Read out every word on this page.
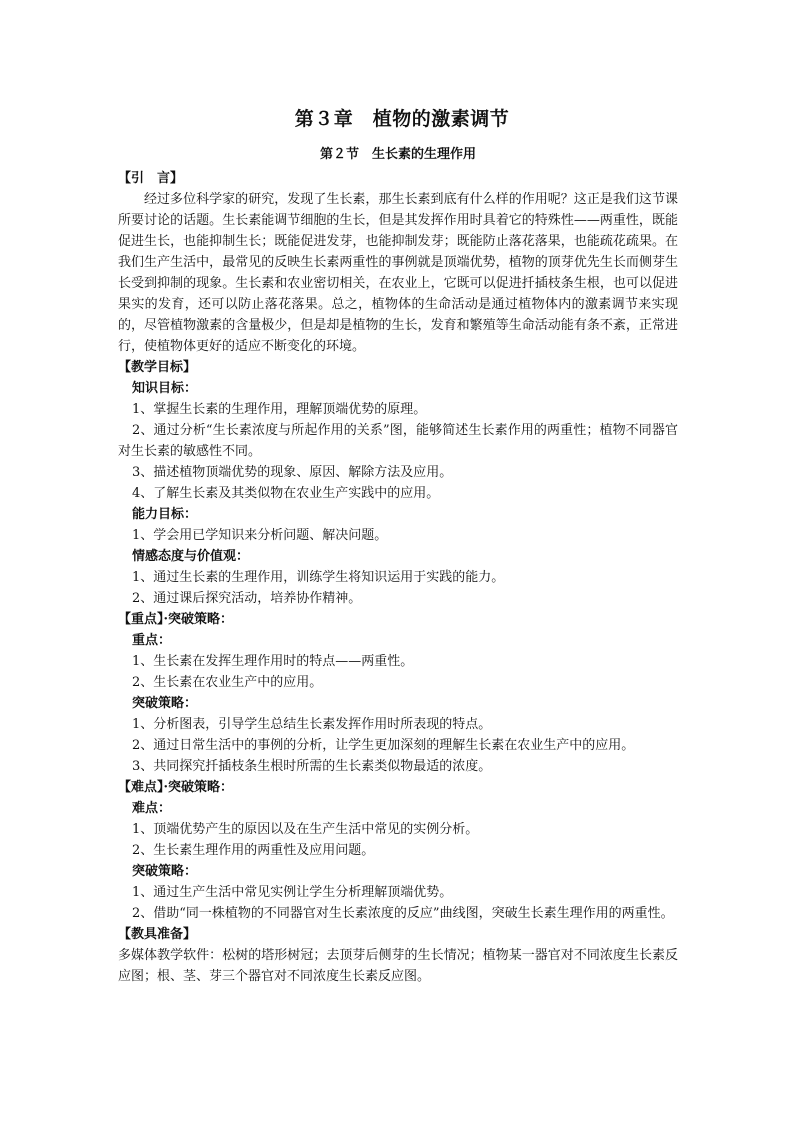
第３章　植物的激素调节
第２节　生长素的生理作用
【引　言】
经过多位科学家的研究，发现了生长素，那生长素到底有什么样的作用呢？这正是我们这节课所要讨论的话题。生长素能调节细胞的生长，但是其发挥作用时具着它的特殊性——两重性，既能促进生长，也能抑制生长；既能促进发芽，也能抑制发芽；既能防止落花落果，也能疏花疏果。在我们生产生活中，最常见的反映生长素两重性的事例就是顶端优势，植物的顶芽优先生长而侧芽生长受到抑制的现象。生长素和农业密切相关，在农业上，它既可以促进扦插枝条生根，也可以促进果实的发育，还可以防止落花落果。总之，植物体的生命活动是通过植物体内的激素调节来实现的，尽管植物激素的含量极少，但是却是植物的生长，发育和繁殖等生命活动能有条不紊，正常进行，使植物体更好的适应不断变化的环境。
【教学目标】
知识目标：
1、掌握生长素的生理作用，理解顶端优势的原理。
2、通过分析“生长素浓度与所起作用的关系”图，能够简述生长素作用的两重性；植物不同器官对生长素的敏感性不同。
3、描述植物顶端优势的现象、原因、解除方法及应用。
4、了解生长素及其类似物在农业生产实践中的应用。
能力目标：
1、学会用已学知识来分析问题、解决问题。
情感态度与价值观：
1、通过生长素的生理作用，训练学生将知识运用于实践的能力。
2、通过课后探究活动，培养协作精神。
【重点】·突破策略：
重点：
1、生长素在发挥生理作用时的特点——两重性。
2、生长素在农业生产中的应用。
突破策略：
1、分析图表，引导学生总结生长素发挥作用时所表现的特点。
2、通过日常生活中的事例的分析，让学生更加深刻的理解生长素在农业生产中的应用。
3、共同探究扦插枝条生根时所需的生长素类似物最适的浓度。
【难点】·突破策略：
难点：
1、顶端优势产生的原因以及在生产生活中常见的实例分析。
2、生长素生理作用的两重性及应用问题。
突破策略：
1、通过生产生活中常见实例让学生分析理解顶端优势。
2、借助“同一株植物的不同器官对生长素浓度的反应”曲线图，突破生长素生理作用的两重性。
【教具准备】
多媒体教学软件：松树的塔形树冠；去顶芽后侧芽的生长情况；植物某一器官对不同浓度生长素反应图；根、茎、芽三个器官对不同浓度生长素反应图。
